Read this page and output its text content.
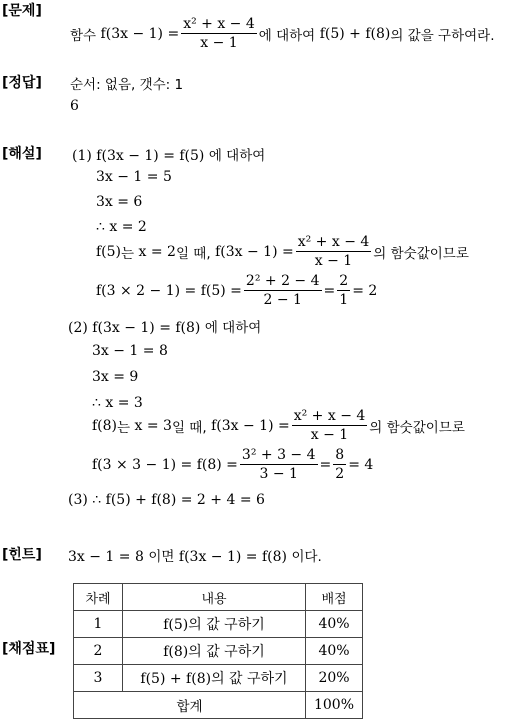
[문제]
함수
$f(3x - 1) = \frac{\text{x² + x − 4}}{x - 1}$ 에 대하여
f(5) + f(8) 의 값을 구하여라.
[정답] 순서: 없음, 갯수: 1
6
[해설] (1) f(3x − 1) = f(5) 에 대하여
3x − 1 = 5
3x = 6
∴ x = 2
f(5) 는
x = 2 일 때,
$f(3x - 1) = \frac{\text{x² + x − 4}}{x - 1}$ 의 함숫값이므로
$f(3 \times 2 - 1) = f(5) = \frac{\text{2² + 2 − 4}}{2 - 1} = \frac{2}{1} = 2$
(2) f(3x − 1) = f(8) 에 대하여
3x − 1 = 8
3x = 9
∴ x = 3
f(8) 는
x = 3 일 때,
$f(3x - 1) = \frac{\text{x² + x − 4}}{x - 1}$ 의 함숫값이므로
$f(3 \times 3 - 1) = f(8) = \frac{\text{3² + 3 − 4}}{3 - 1} = \frac{8}{2} = 4$
(3) ∴ f(5) + f(8) = 2 + 4 = 6
[힌트] 3x − 1 = 8 이면 f(3x − 1) = f(8) 이다.
[채점표]
차례	내용	배점
1	f(5)의 값 구하기	40%
2	f(8)의 값 구하기	40%
3	f(5) + f(8)의 값 구하기	20%
합계		100%
